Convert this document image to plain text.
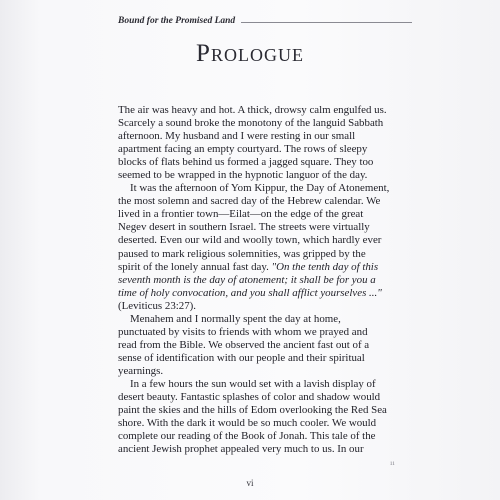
Bound for the Promised Land
Prologue
The air was heavy and hot. A thick, drowsy calm engulfed us.
Scarcely a sound broke the monotony of the languid Sabbath
afternoon. My husband and I were resting in our small
apartment facing an empty courtyard. The rows of sleepy
blocks of flats behind us formed a jagged square. They too
seemed to be wrapped in the hypnotic languor of the day.
It was the afternoon of Yom Kippur, the Day of Atonement,
the most solemn and sacred day of the Hebrew calendar. We
lived in a frontier town—Eilat—on the edge of the great
Negev desert in southern Israel. The streets were virtually
deserted. Even our wild and woolly town, which hardly ever
paused to mark religious solemnities, was gripped by the
spirit of the lonely annual fast day. "On the tenth day of this
seventh month is the day of atonement; it shall be for you a
time of holy convocation, and you shall afflict yourselves ..."
(Leviticus 23:27).
Menahem and I normally spent the day at home,
punctuated by visits to friends with whom we prayed and
read from the Bible. We observed the ancient fast out of a
sense of identification with our people and their spiritual
yearnings.
In a few hours the sun would set with a lavish display of
desert beauty. Fantastic splashes of color and shadow would
paint the skies and the hills of Edom overlooking the Red Sea
shore. With the dark it would be so much cooler. We would
complete our reading of the Book of Jonah. This tale of the
ancient Jewish prophet appealed very much to us. In our
¹¹
vi
